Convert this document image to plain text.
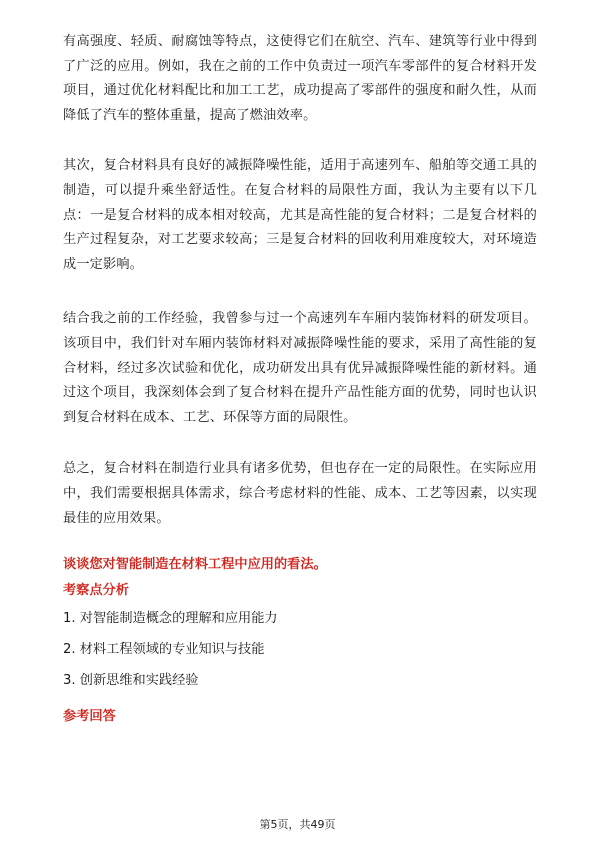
有高强度、轻质、耐腐蚀等特点，这使得它们在航空、汽车、建筑等行业中得到了广泛的应用。例如，我在之前的工作中负责过一项汽车零部件的复合材料开发项目，通过优化材料配比和加工工艺，成功提高了零部件的强度和耐久性，从而降低了汽车的整体重量，提高了燃油效率。

其次，复合材料具有良好的减振降噪性能，适用于高速列车、船舶等交通工具的制造，可以提升乘坐舒适性。在复合材料的局限性方面，我认为主要有以下几点：一是复合材料的成本相对较高，尤其是高性能的复合材料；二是复合材料的生产过程复杂，对工艺要求较高；三是复合材料的回收利用难度较大，对环境造成一定影响。

结合我之前的工作经验，我曾参与过一个高速列车车厢内装饰材料的研发项目。该项目中，我们针对车厢内装饰材料对减振降噪性能的要求，采用了高性能的复合材料，经过多次试验和优化，成功研发出具有优异减振降噪性能的新材料。通过这个项目，我深刻体会到了复合材料在提升产品性能方面的优势，同时也认识到复合材料在成本、工艺、环保等方面的局限性。

总之，复合材料在制造行业具有诸多优势，但也存在一定的局限性。在实际应用中，我们需要根据具体需求，综合考虑材料的性能、成本、工艺等因素，以实现最佳的应用效果。

谈谈您对智能制造在材料工程中应用的看法。

考察点分析

1. 对智能制造概念的理解和应用能力
2. 材料工程领域的专业知识与技能
3. 创新思维和实践经验

参考回答

第5页，共49页
